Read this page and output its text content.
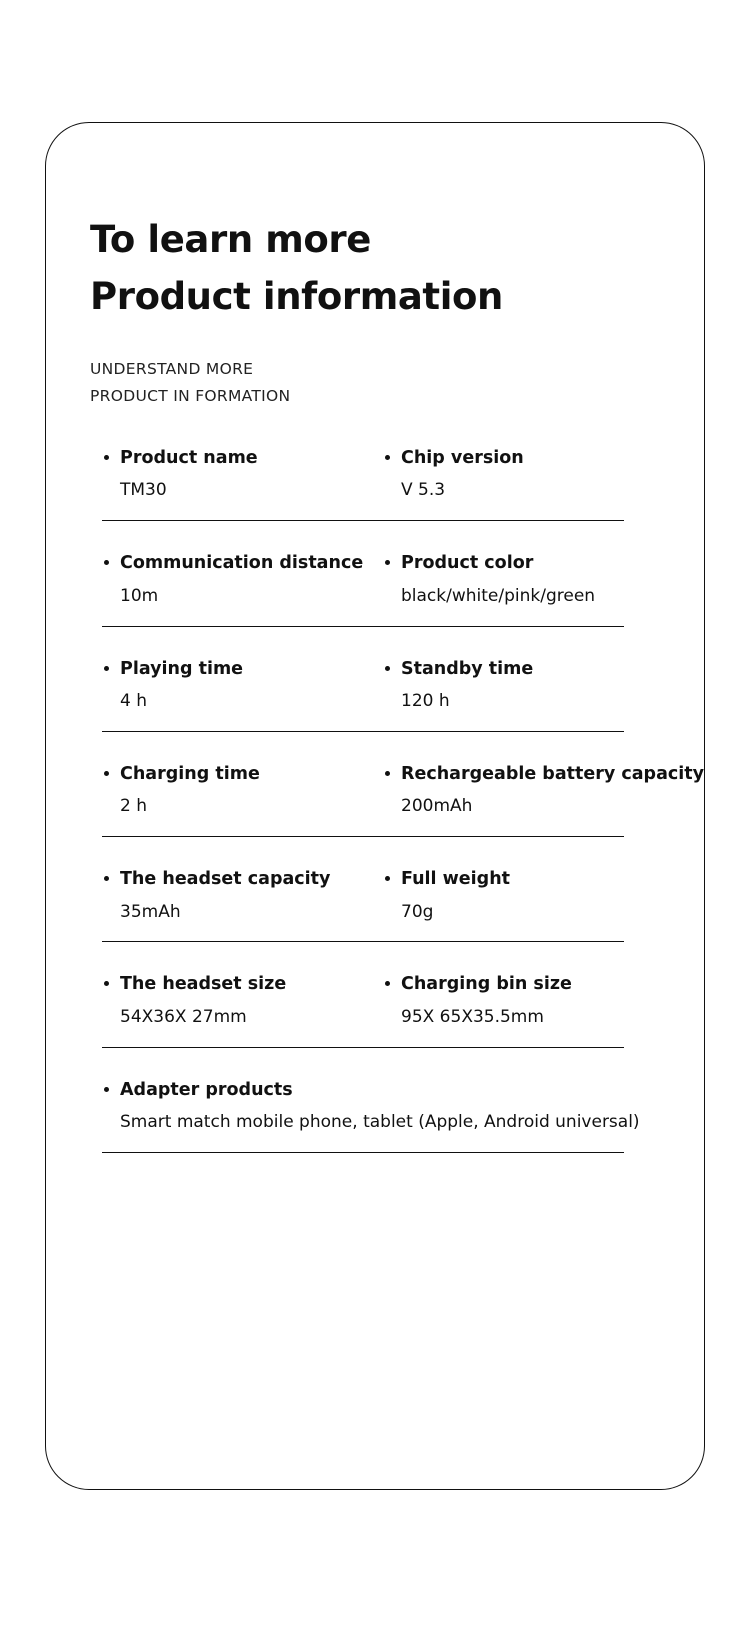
To learn more
Product information
UNDERSTAND MORE
PRODUCT IN FORMATION
Product name
TM30
Chip version
V 5.3
Communication distance
10m
Product color
black/white/pink/green
Playing time
4 h
Standby time
120 h
Charging time
2 h
Rechargeable battery capacity
200mAh
The headset capacity
35mAh
Full weight
70g
The headset size
54X36X 27mm
Charging bin size
95X 65X35.5mm
Adapter products
Smart match mobile phone, tablet (Apple, Android universal)
